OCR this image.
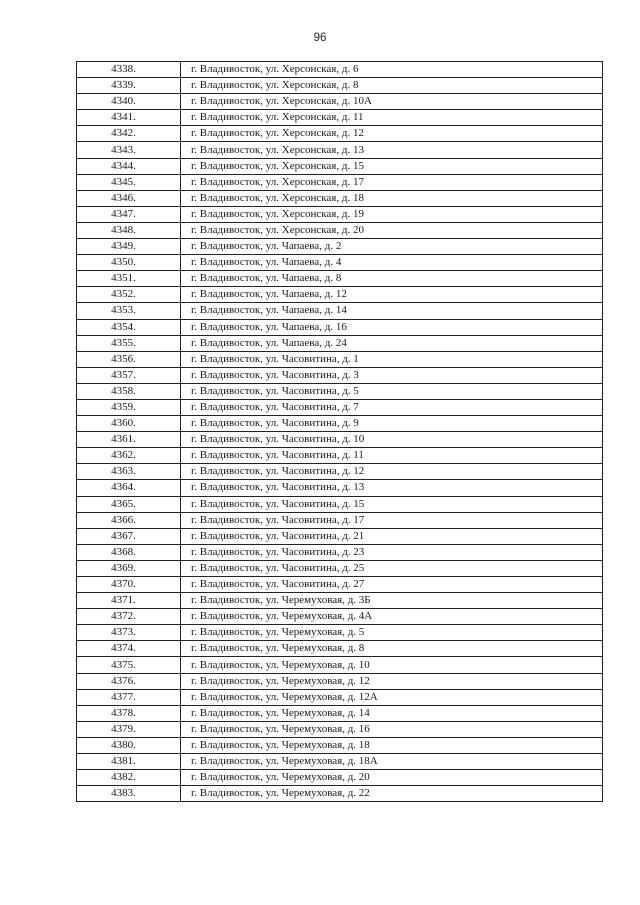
96
4338.	г. Владивосток, ул. Херсонская, д. 6
4339.	г. Владивосток, ул. Херсонская, д. 8
4340.	г. Владивосток, ул. Херсонская, д. 10А
4341.	г. Владивосток, ул. Херсонская, д. 11
4342.	г. Владивосток, ул. Херсонская, д. 12
4343.	г. Владивосток, ул. Херсонская, д. 13
4344.	г. Владивосток, ул. Херсонская, д. 15
4345.	г. Владивосток, ул. Херсонская, д. 17
4346.	г. Владивосток, ул. Херсонская, д. 18
4347.	г. Владивосток, ул. Херсонская, д. 19
4348.	г. Владивосток, ул. Херсонская, д. 20
4349.	г. Владивосток, ул. Чапаева, д. 2
4350.	г. Владивосток, ул. Чапаева, д. 4
4351.	г. Владивосток, ул. Чапаева, д. 8
4352.	г. Владивосток, ул. Чапаева, д. 12
4353.	г. Владивосток, ул. Чапаева, д. 14
4354.	г. Владивосток, ул. Чапаева, д. 16
4355.	г. Владивосток, ул. Чапаева, д. 24
4356.	г. Владивосток, ул. Часовитина, д. 1
4357.	г. Владивосток, ул. Часовитина, д. 3
4358.	г. Владивосток, ул. Часовитина, д. 5
4359.	г. Владивосток, ул. Часовитина, д. 7
4360.	г. Владивосток, ул. Часовитина, д. 9
4361.	г. Владивосток, ул. Часовитина, д. 10
4362.	г. Владивосток, ул. Часовитина, д. 11
4363.	г. Владивосток, ул. Часовитина, д. 12
4364.	г. Владивосток, ул. Часовитина, д. 13
4365.	г. Владивосток, ул. Часовитина, д. 15
4366.	г. Владивосток, ул. Часовитина, д. 17
4367.	г. Владивосток, ул. Часовитина, д. 21
4368.	г. Владивосток, ул. Часовитина, д. 23
4369.	г. Владивосток, ул. Часовитина, д. 25
4370.	г. Владивосток, ул. Часовитина, д. 27
4371.	г. Владивосток, ул. Черемуховая, д. 3Б
4372.	г. Владивосток, ул. Черемуховая, д. 4А
4373.	г. Владивосток, ул. Черемуховая, д. 5
4374.	г. Владивосток, ул. Черемуховая, д. 8
4375.	г. Владивосток, ул. Черемуховая, д. 10
4376.	г. Владивосток, ул. Черемуховая, д. 12
4377.	г. Владивосток, ул. Черемуховая, д. 12А
4378.	г. Владивосток, ул. Черемуховая, д. 14
4379.	г. Владивосток, ул. Черемуховая, д. 16
4380.	г. Владивосток, ул. Черемуховая, д. 18
4381.	г. Владивосток, ул. Черемуховая, д. 18А
4382.	г. Владивосток, ул. Черемуховая, д. 20
4383.	г. Владивосток, ул. Черемуховая, д. 22
